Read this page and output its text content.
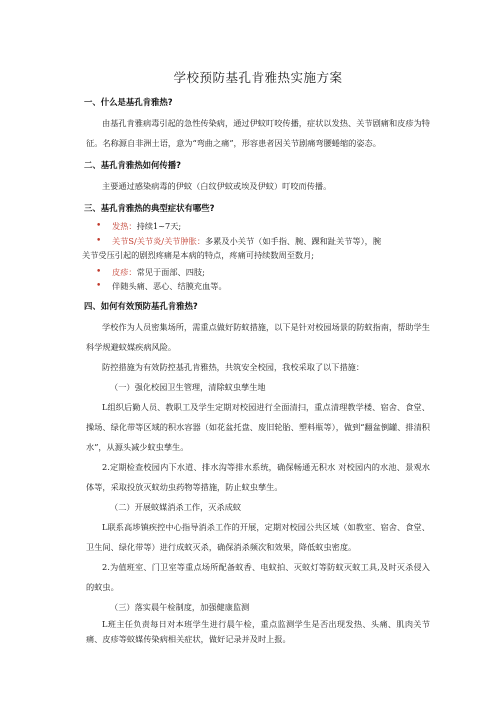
学校预防基孔肯雅热实施方案
一、什么是基孔肯雅热?

由基孔肯雅病毒引起的急性传染病，通过伊蚊叮咬传播，症状以发热、关节剧痛和皮疹为特征。名称源自非洲土语，意为“弯曲之痛”，形容患者因关节剧痛弯腰蜷缩的姿态。

二、基孔肯雅热如何传播?

主要通过感染病毒的伊蚊（白纹伊蚊或埃及伊蚊）叮咬而传播。

三、基孔肯雅热的典型症状有哪些?
•	发热：持续1~7天;
•	关节S/关节炎/关节肿胀：多累及小关节（如手指、腕、踝和趾关节等），腕
关节受压引起的剧烈疼痛是本病的特点，疼痛可持续数周至数月;
•	皮疹：常见于面部、四肢;
•	伴随头痛、恶心、结膜充血等。
四、如何有效预防基孔肯雅热?

学校作为人员密集场所，需重点做好防蚊措施，以下是针对校园场景的防蚊指南，帮助学生科学规避蚊媒疾病风险。

防控措施为有效防控基孔肯雅热，共筑安全校园，我校采取了以下措施：

（一）强化校园卫生管理，清除蚊虫孳生地

L组织后勤人员、教职工及学生定期对校园进行全面清扫，重点清理教学楼、宿舍、食堂、操场、绿化带等区域的积水容器（如花盆托盘、废旧轮胎、塑料瓶等），做到“翻盆倒罐、排清积水”，从源头减少蚊虫孳生。

2.定期检查校园内下水道、排水沟等排水系统，确保畅通无积水 对校园内的水池、景观水体等，采取投放灭蚊幼虫药物等措施，防止蚊虫孳生。

（二）开展蚊媒消杀工作，灭杀成蚊

L联系高埗镇疾控中心指导消杀工作的开展，定期对校园公共区域（如教室、宿舍、食堂、卫生间、绿化带等）进行成蚊灭杀，确保消杀频次和效果，降低蚊虫密度。

2.为值班室、门卫室等重点场所配备蚊香、电蚊拍、灭蚊灯等防蚊灭蚊工具,及时灭杀侵入的蚊虫。

（三）落实晨午检制度，加强健康监测

L班主任负责每日对本班学生进行晨午检，重点监测学生是否出现发热、头痛、肌肉关节痛、皮疹等蚊媒传染病相关症状，做好记录并及时上报。
